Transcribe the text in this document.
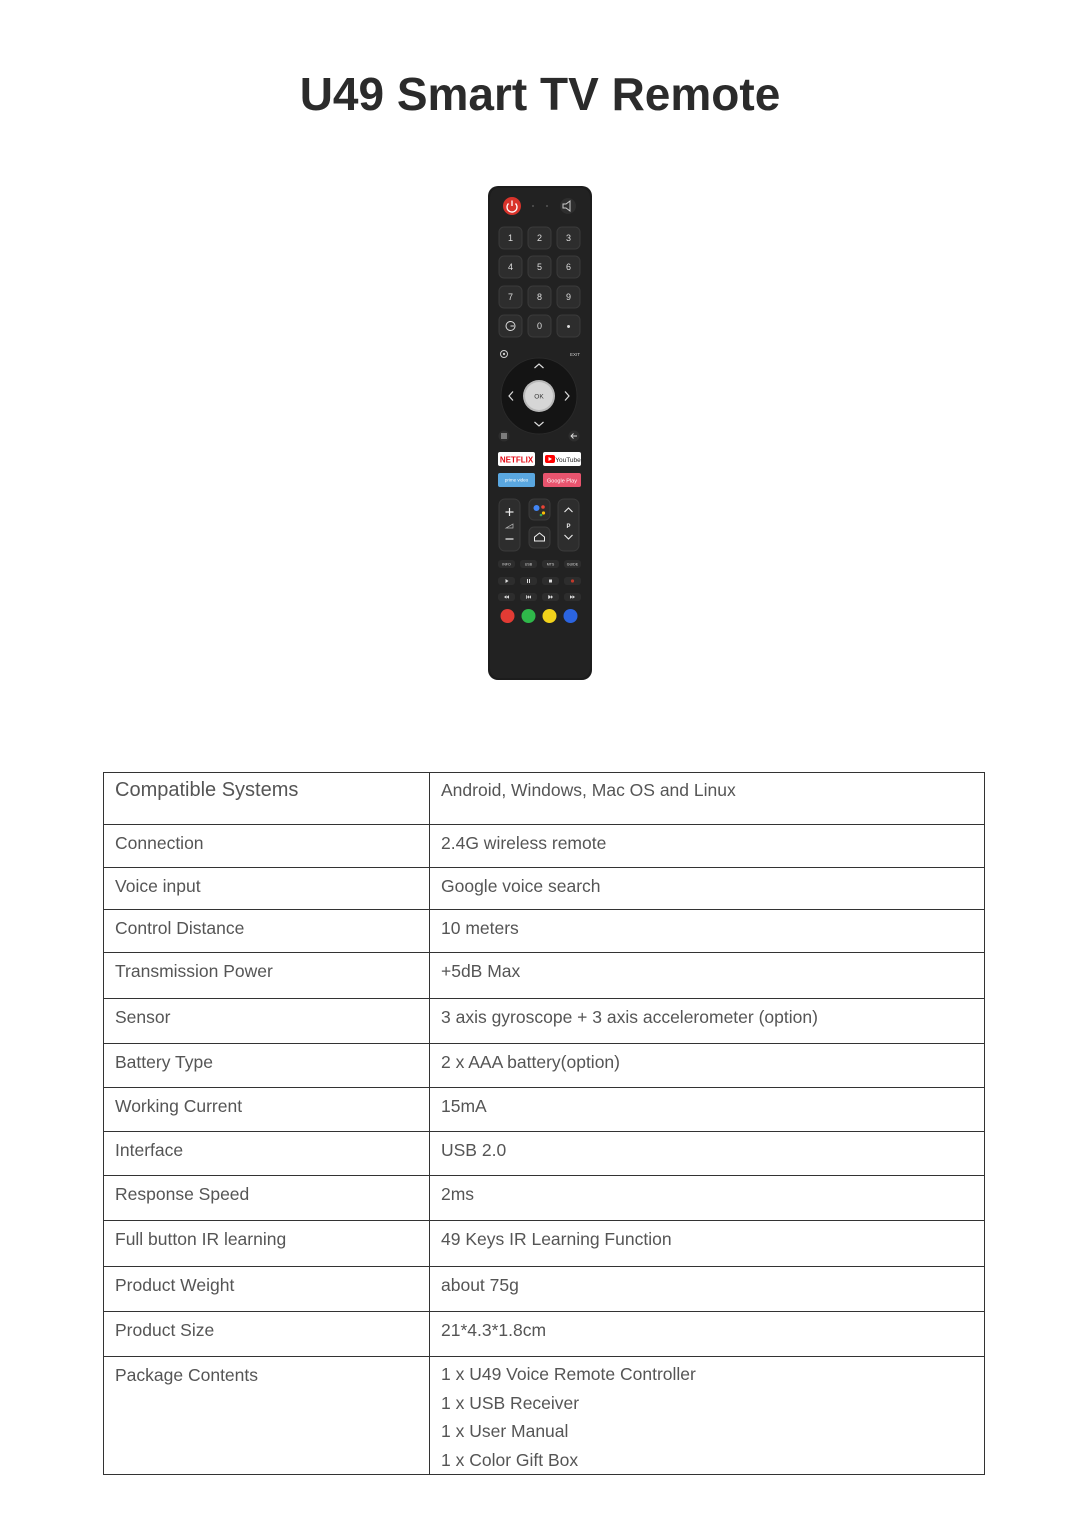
U49 Smart TV Remote
1	2	3
4	5	6
7	8	9
0 •
EXIT
OK
NETFLIX	YouTube
prime video	Google Play
P
INFO	USB	MTS	GUIDE
Compatible Systems	Android, Windows, Mac OS and Linux
Connection	2.4G wireless remote
Voice input	Google voice search
Control Distance	10 meters
Transmission Power	+5dB Max
Sensor	3 axis gyroscope + 3 axis accelerometer (option)
Battery Type	2 x AAA battery(option)
Working Current	15mA
Interface	USB 2.0
Response Speed	2ms
Full button IR learning	49 Keys IR Learning Function
Product Weight	about 75g
Product Size	21*4.3*1.8cm
Package Contents	1 x U49 Voice Remote Controller
1 x USB Receiver
1 x User Manual
1 x Color Gift Box
